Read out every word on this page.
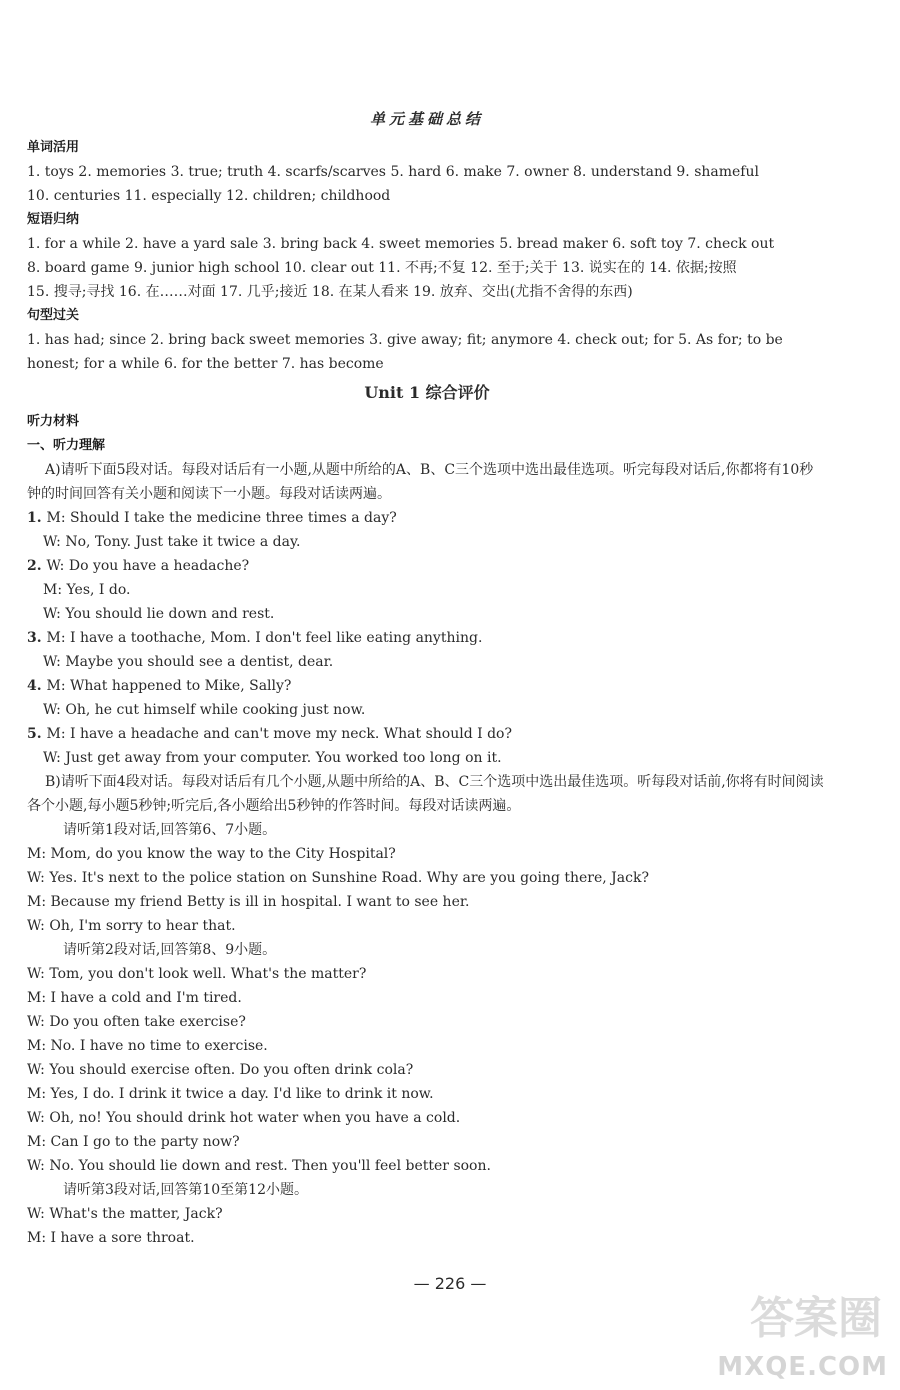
单元基础总结
单词活用
1. toys 2. memories 3. true; truth 4. scarfs/scarves 5. hard 6. make 7. owner 8. understand 9. shameful
10. centuries 11. especially 12. children; childhood
短语归纳
1. for a while 2. have a yard sale 3. bring back 4. sweet memories 5. bread maker 6. soft toy 7. check out
8. board game 9. junior high school 10. clear out 11. 不再;不复 12. 至于;关于 13. 说实在的 14. 依据;按照
15. 搜寻;寻找 16. 在……对面 17. 几乎;接近 18. 在某人看来 19. 放弃、交出(尤指不舍得的东西)
句型过关
1. has had; since 2. bring back sweet memories 3. give away; fit; anymore 4. check out; for 5. As for; to be
honest; for a while 6. for the better 7. has become
Unit 1 综合评价
听力材料
一、听力理解
A)请听下面5段对话。每段对话后有一小题,从题中所给的A、B、C三个选项中选出最佳选项。听完每段对话后,你都将有10秒钟的时间回答有关小题和阅读下一小题。每段对话读两遍。
1. M: Should I take the medicine three times a day?
W: No, Tony. Just take it twice a day.
2. W: Do you have a headache?
M: Yes, I do.
W: You should lie down and rest.
3. M: I have a toothache, Mom. I don't feel like eating anything.
W: Maybe you should see a dentist, dear.
4. M: What happened to Mike, Sally?
W: Oh, he cut himself while cooking just now.
5. M: I have a headache and can't move my neck. What should I do?
W: Just get away from your computer. You worked too long on it.
B)请听下面4段对话。每段对话后有几个小题,从题中所给的A、B、C三个选项中选出最佳选项。听每段对话前,你将有时间阅读各个小题,每小题5秒钟;听完后,各小题给出5秒钟的作答时间。每段对话读两遍。
请听第1段对话,回答第6、7小题。
M: Mom, do you know the way to the City Hospital?
W: Yes. It's next to the police station on Sunshine Road. Why are you going there, Jack?
M: Because my friend Betty is ill in hospital. I want to see her.
W: Oh, I'm sorry to hear that.
请听第2段对话,回答第8、9小题。
W: Tom, you don't look well. What's the matter?
M: I have a cold and I'm tired.
W: Do you often take exercise?
M: No. I have no time to exercise.
W: You should exercise often. Do you often drink cola?
M: Yes, I do. I drink it twice a day. I'd like to drink it now.
W: Oh, no! You should drink hot water when you have a cold.
M: Can I go to the party now?
W: No. You should lie down and rest. Then you'll feel better soon.
请听第3段对话,回答第10至第12小题。
W: What's the matter, Jack?
M: I have a sore throat.
— 226 —
答案圈
MXQE.COM
